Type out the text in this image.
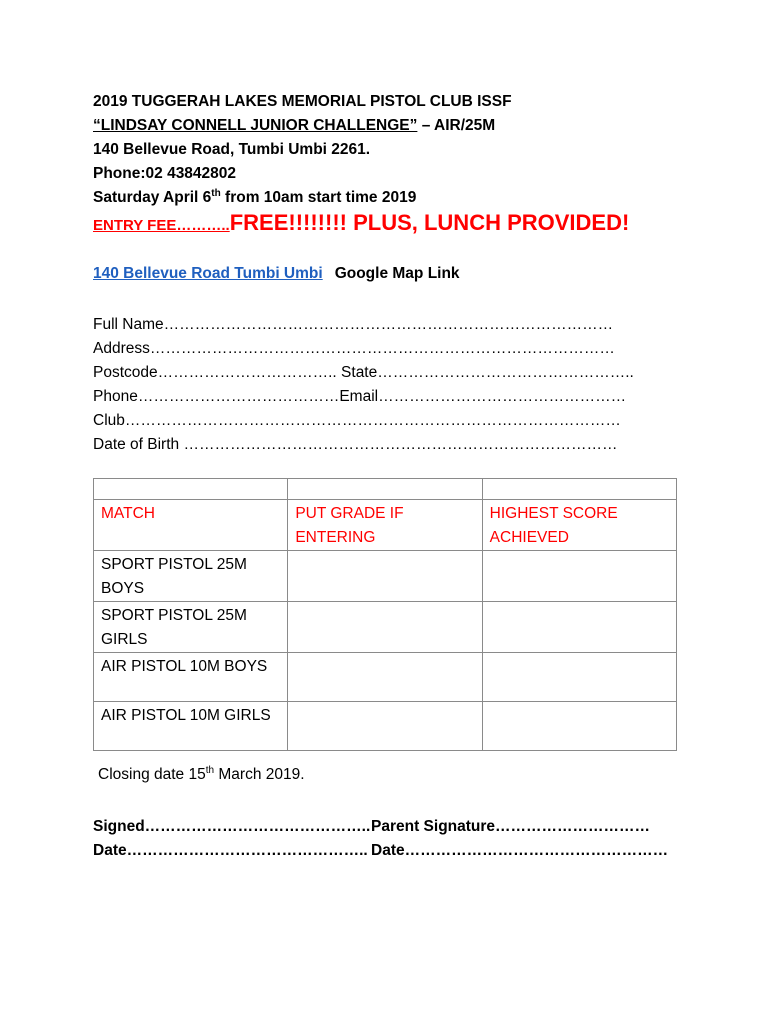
2019 TUGGERAH LAKES MEMORIAL PISTOL CLUB ISSF
“LINDSAY CONNELL JUNIOR CHALLENGE” – AIR/25M
140 Bellevue Road, Tumbi Umbi 2261.
Phone:02 43842802
Saturday April 6th from 10am start time 2019
ENTRY FEE………..FREE!!!!!!!! PLUS, LUNCH PROVIDED!
140 Bellevue Road Tumbi Umbi Google Map Link
Full Name……………………………………………………………………………
Address………………………………………………………………………………
Postcode…………………………….. State…………………………………………..
Phone…………………………………Email…………………………………………
Club……………………………………………………………………………………
Date of Birth …………………………………………………………………………

MATCH	PUT GRADE IF ENTERING	HIGHEST SCORE ACHIEVED
SPORT PISTOL 25M BOYS		
SPORT PISTOL 25M GIRLS		
AIR PISTOL 10M BOYS		
AIR PISTOL 10M GIRLS		
Closing date 15th March 2019.
Signed…………………………………….. Parent Signature…………………………
Date……………………………………….. Date……………………………………………
